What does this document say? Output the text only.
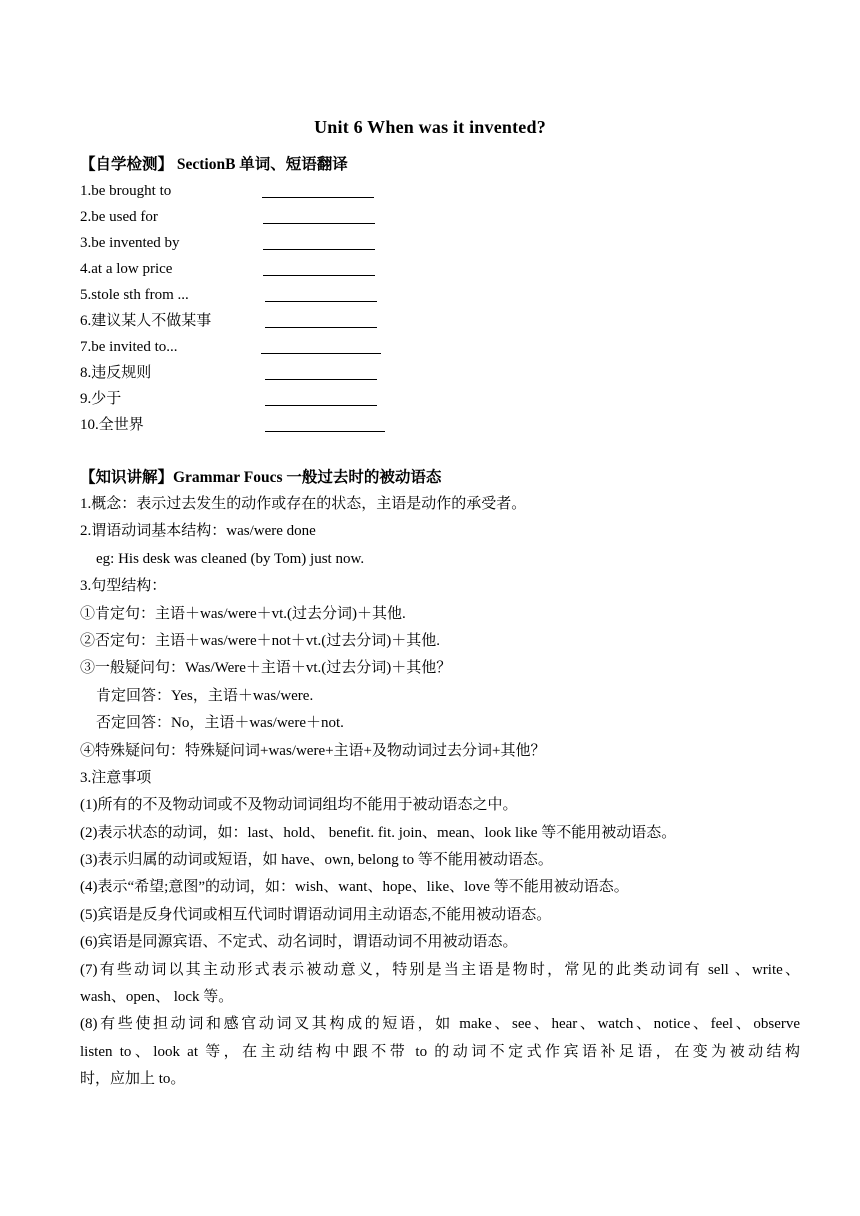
Unit 6 When was it invented?
【自学检测】 SectionB 单词、短语翻译
1.be brought to
2.be used for
3.be invented by
4.at a low price
5.stole sth from ...
6.建议某人不做某事
7.be invited to...
8.违反规则
9.少于
10.全世界
【知识讲解】Grammar Foucs 一般过去时的被动语态
1.概念：表示过去发生的动作或存在的状态，主语是动作的承受者。
2.谓语动词基本结构：was/were done
eg: His desk was cleaned (by Tom) just now.
3.句型结构：
①肯定句：主语＋was/were＋vt.(过去分词)＋其他.
②否定句：主语＋was/were＋not＋vt.(过去分词)＋其他.
③一般疑问句：Was/Were＋主语＋vt.(过去分词)＋其他？
肯定回答：Yes，主语＋was/were.
否定回答：No，主语＋was/were＋not.
④特殊疑问句：特殊疑问词+was/were+主语+及物动词过去分词+其他？
3.注意事项
(1)所有的不及物动词或不及物动词词组均不能用于被动语态之中。
(2)表示状态的动词，如：last、hold、 benefit. fit. join、mean、look like 等不能用被动语态。
(3)表示归属的动词或短语，如 have、own, belong to 等不能用被动语态。
(4)表示“希望;意图”的动词，如：wish、want、hope、like、love 等不能用被动语态。
(5)宾语是反身代词或相互代词时谓语动词用主动语态,不能用被动语态。
(6)宾语是同源宾语、不定式、动名词时，谓语动词不用被动语态。
(7)有些动词以其主动形式表示被动意义，特别是当主语是物时，常见的此类动词有 sell 、write、
wash、open、 lock 等。
(8)有些使担动词和感官动词叉其构成的短语，如 make、see、hear、watch、notice、feel、observe
listen to、look at 等，在主动结构中跟不带 to 的动词不定式作宾语补足语，在变为被动结构
时，应加上 to。
